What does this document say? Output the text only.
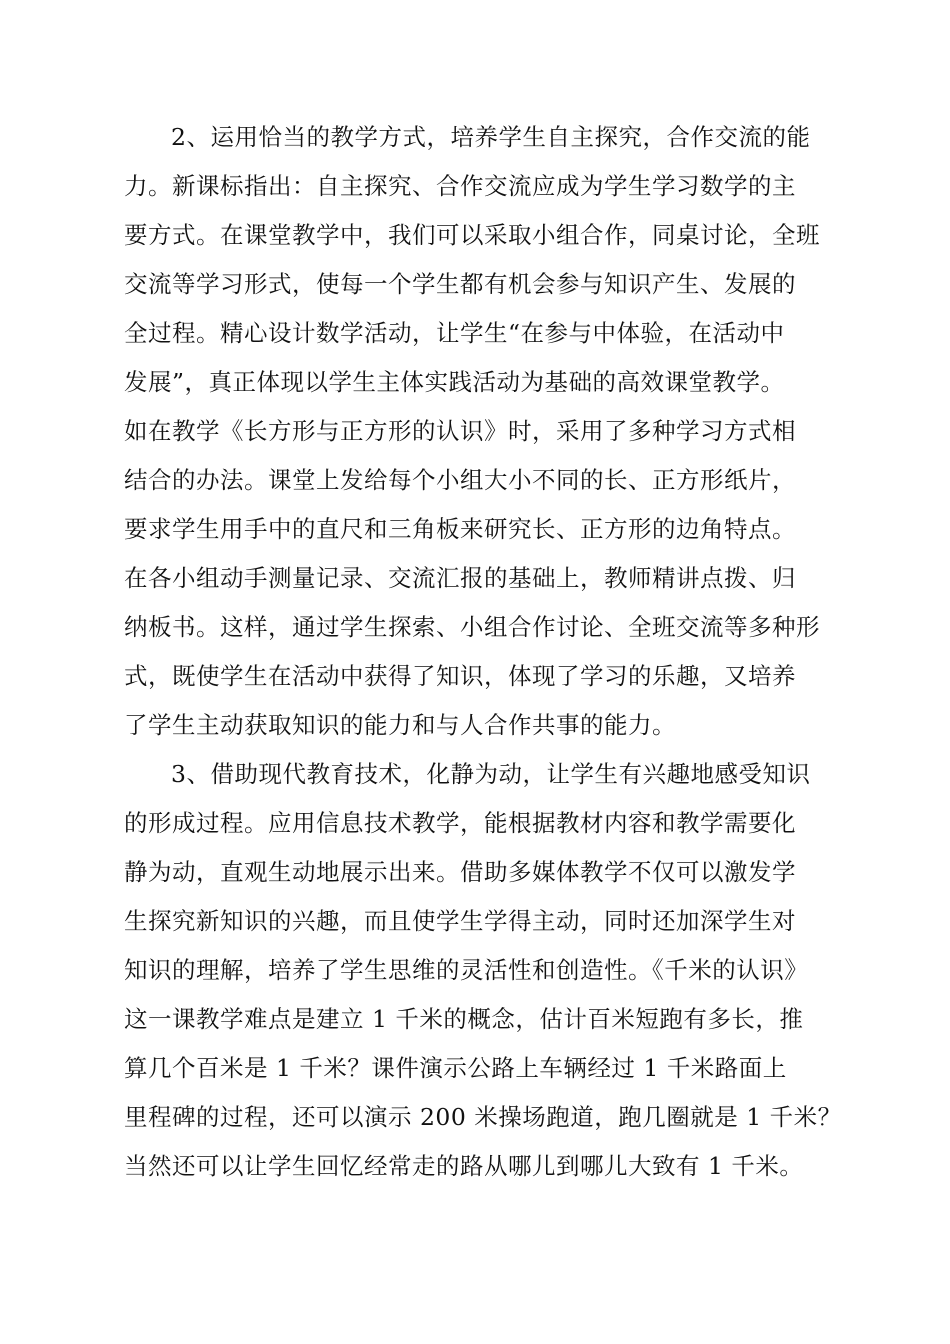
2、运用恰当的教学方式，培养学生自主探究，合作交流的能
力。新课标指出：自主探究、合作交流应成为学生学习数学的主
要方式。在课堂教学中，我们可以采取小组合作，同桌讨论，全班
交流等学习形式，使每一个学生都有机会参与知识产生、发展的
全过程。精心设计数学活动，让学生“在参与中体验，在活动中
发展”，真正体现以学生主体实践活动为基础的高效课堂教学。
如在教学《长方形与正方形的认识》时，采用了多种学习方式相
结合的办法。课堂上发给每个小组大小不同的长、正方形纸片，
要求学生用手中的直尺和三角板来研究长、正方形的边角特点。
在各小组动手测量记录、交流汇报的基础上，教师精讲点拨、归
纳板书。这样，通过学生探索、小组合作讨论、全班交流等多种形
式，既使学生在活动中获得了知识，体现了学习的乐趣，又培养
了学生主动获取知识的能力和与人合作共事的能力。
3、借助现代教育技术，化静为动，让学生有兴趣地感受知识
的形成过程。应用信息技术教学，能根据教材内容和教学需要化
静为动，直观生动地展示出来。借助多媒体教学不仅可以激发学
生探究新知识的兴趣，而且使学生学得主动，同时还加深学生对
知识的理解，培养了学生思维的灵活性和创造性。《千米的认识》
这一课教学难点是建立 1 千米的概念，估计百米短跑有多长，推
算几个百米是 1 千米？课件演示公路上车辆经过 1 千米路面上
里程碑的过程，还可以演示 200 米操场跑道，跑几圈就是 1 千米？
当然还可以让学生回忆经常走的路从哪儿到哪儿大致有 1 千米。
